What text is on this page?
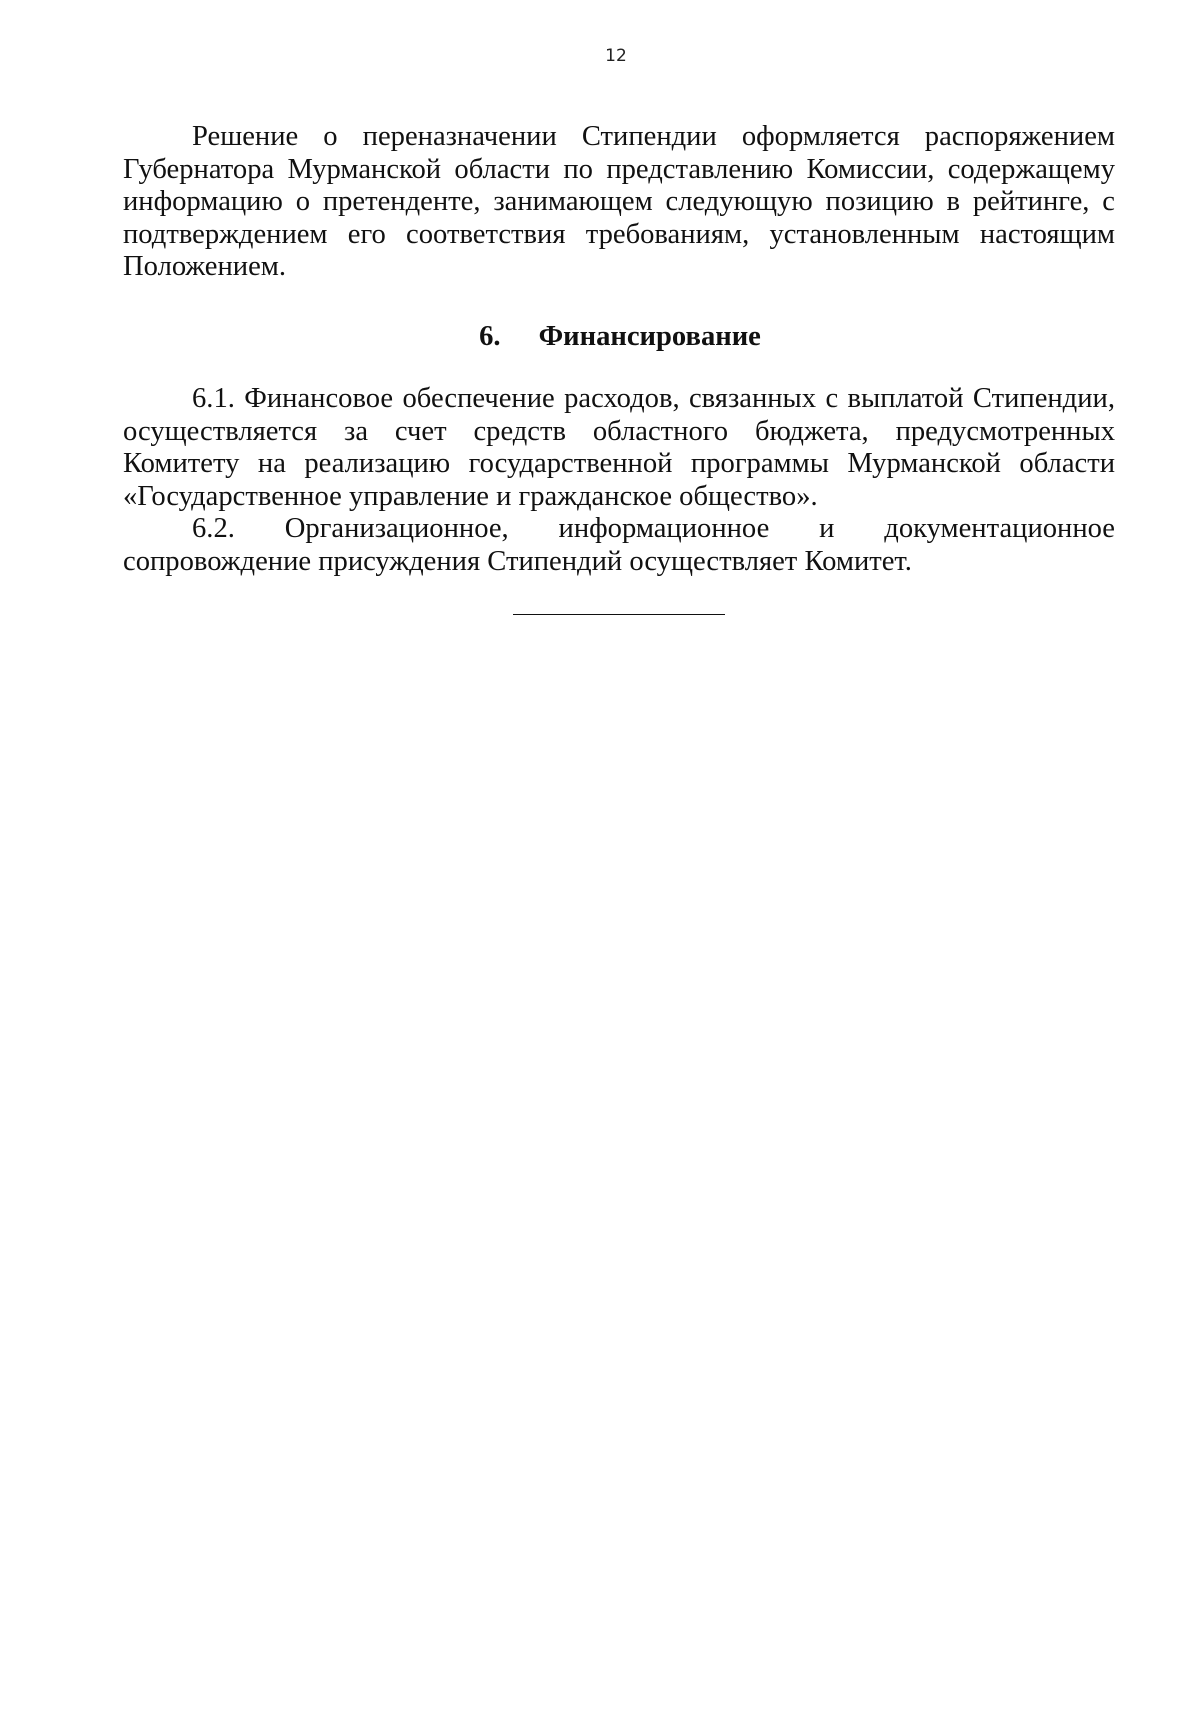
12

Решение о переназначении Стипендии оформляется распоряжением Губернатора Мурманской области по представлению Комиссии, содержащему информацию о претенденте, занимающем следующую позицию в рейтинге, с подтверждением его соответствия требованиям, установленным настоящим Положением.

6. Финансирование

6.1. Финансовое обеспечение расходов, связанных с выплатой Стипендии, осуществляется за счет средств областного бюджета, предусмотренных Комитету на реализацию государственной программы Мурманской области «Государственное управление и гражданское общество».

6.2. Организационное, информационное и документационное сопровождение присуждения Стипендий осуществляет Комитет.
